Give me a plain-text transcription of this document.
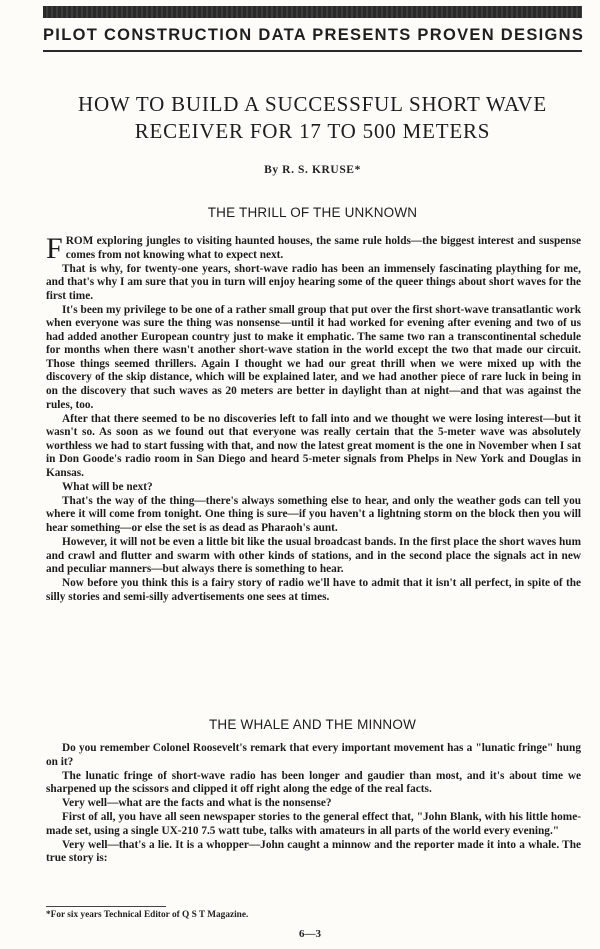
PILOT CONSTRUCTION DATA PRESENTS PROVEN DESIGNS
HOW TO BUILD A SUCCESSFUL SHORT WAVE
RECEIVER FOR 17 TO 500 METERS
By R. S. KRUSE*
THE THRILL OF THE UNKNOWN

FROM exploring jungles to visiting haunted houses, the same rule holds—the biggest interest and suspense comes from not knowing what to expect next.

That is why, for twenty-one years, short-wave radio has been an immensely fascinating plaything for me, and that's why I am sure that you in turn will enjoy hearing some of the queer things about short waves for the first time.

It's been my privilege to be one of a rather small group that put over the first short-wave transatlantic work when everyone was sure the thing was nonsense—until it had worked for evening after evening and two of us had added another European country just to make it emphatic. The same two ran a transcontinental schedule for months when there wasn't another short-wave station in the world except the two that made our circuit. Those things seemed thrillers. Again I thought we had our great thrill when we were mixed up with the discovery of the skip distance, which will be explained later, and we had another piece of rare luck in being in on the discovery that such waves as 20 meters are better in daylight than at night—and that was against the rules, too.

After that there seemed to be no discoveries left to fall into and we thought we were losing interest—but it wasn't so. As soon as we found out that everyone was really certain that the 5-meter wave was absolutely worthless we had to start fussing with that, and now the latest great moment is the one in November when I sat in Don Goode's radio room in San Diego and heard 5-meter signals from Phelps in New York and Douglas in Kansas.

What will be next?

That's the way of the thing—there's always something else to hear, and only the weather gods can tell you where it will come from tonight. One thing is sure—if you haven't a lightning storm on the block then you will hear something—or else the set is as dead as Pharaoh's aunt.

However, it will not be even a little bit like the usual broadcast bands. In the first place the short waves hum and crawl and flutter and swarm with other kinds of stations, and in the second place the signals act in new and peculiar manners—but always there is something to hear.

Now before you think this is a fairy story of radio we'll have to admit that it isn't all perfect, in spite of the silly stories and semi-silly advertisements one sees at times.

THE WHALE AND THE MINNOW

Do you remember Colonel Roosevelt's remark that every important movement has a "lunatic fringe" hung on it?

The lunatic fringe of short-wave radio has been longer and gaudier than most, and it's about time we sharpened up the scissors and clipped it off right along the edge of the real facts.

Very well—what are the facts and what is the nonsense?

First of all, you have all seen newspaper stories to the general effect that, "John Blank, with his little home-made set, using a single UX-210 7.5 watt tube, talks with amateurs in all parts of the world every evening."

Very well—that's a lie. It is a whopper—John caught a minnow and the reporter made it into a whale. The true story is:

*For six years Technical Editor of Q S T Magazine.
6—3
